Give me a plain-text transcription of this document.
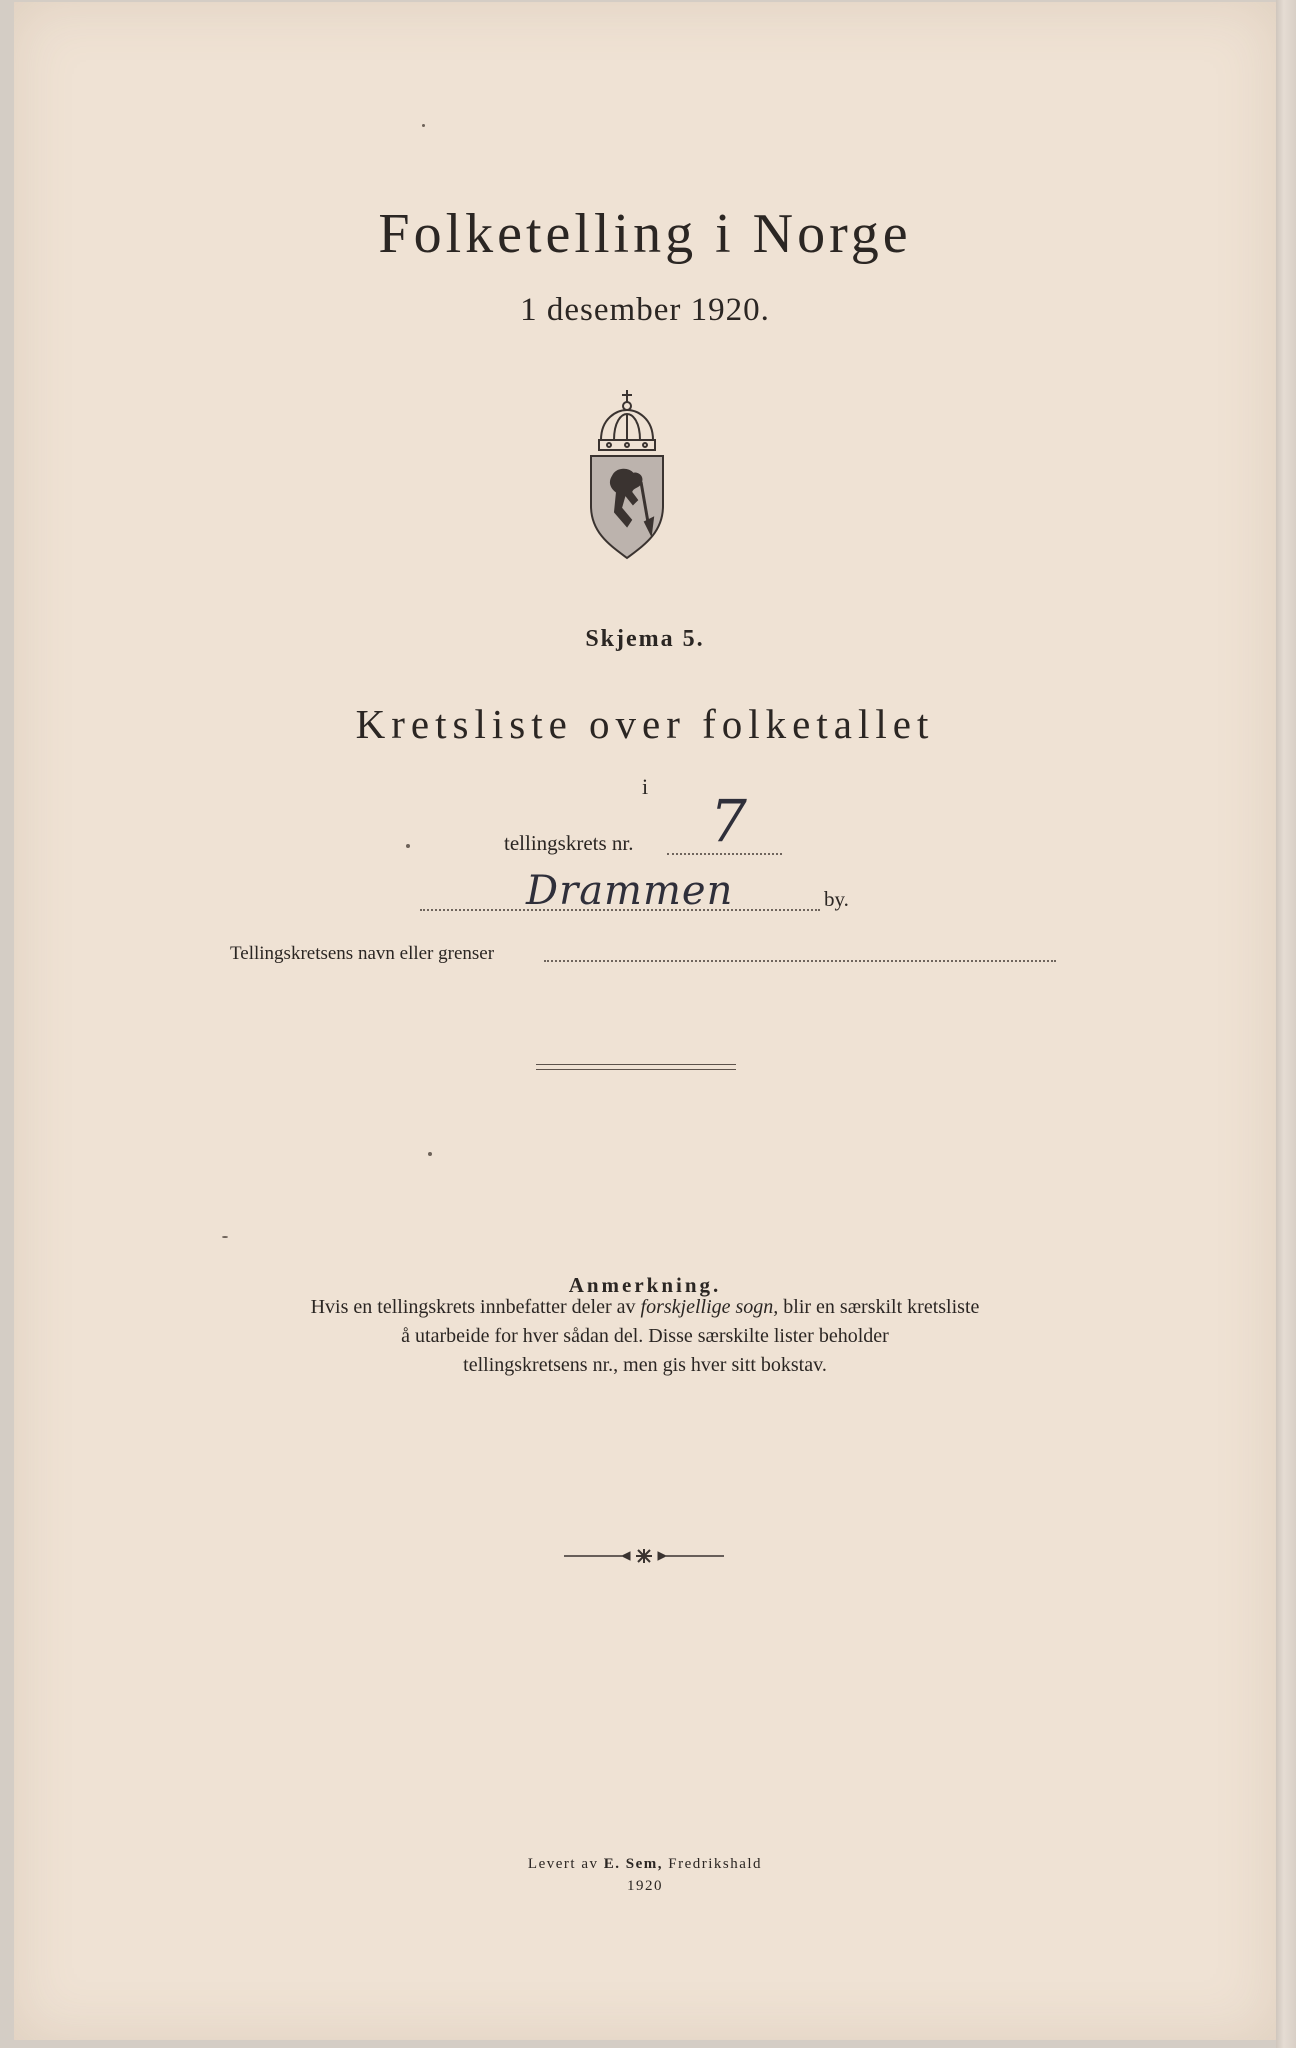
Folketelling i Norge
1 desember 1920.
Skjema 5.
Kretsliste over folketallet
i
tellingskrets nr. 7
Drammen	by.
Tellingskretsens navn eller grenser
Anmerkning.
Hvis en tellingskrets innbefatter deler av forskjellige sogn, blir en særskilt kretsliste
å utarbeide for hver sådan del. Disse særskilte lister beholder
tellingskretsens nr., men gis hver sitt bokstav.
Levert av E. Sem, Fredrikshald
1920
